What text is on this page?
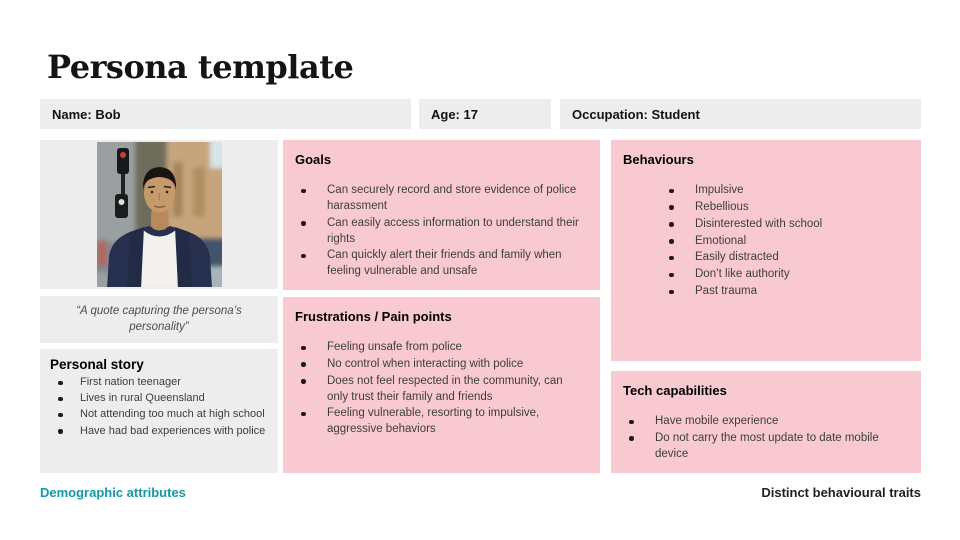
Persona template
Name: Bob	Age: 17	Occupation: Student
“A quote capturing the persona’s personality”
Personal story
First nation teenager
Lives in rural Queensland
Not attending too much at high school
Have had bad experiences with police
Goals
Can securely record and store evidence of police harassment
Can easily access information to understand their rights
Can quickly alert their friends and family when feeling vulnerable and unsafe
Frustrations / Pain points
Feeling unsafe from police
No control when interacting with police
Does not feel respected in the community, can only trust their family and friends
Feeling vulnerable, resorting to impulsive, aggressive behaviors
Behaviours
Impulsive
Rebellious
Disinterested with school
Emotional
Easily distracted
Don’t like authority
Past trauma
Tech capabilities
Have mobile experience
Do not carry the most update to date mobile device
Demographic attributes	Distinct behavioural traits
